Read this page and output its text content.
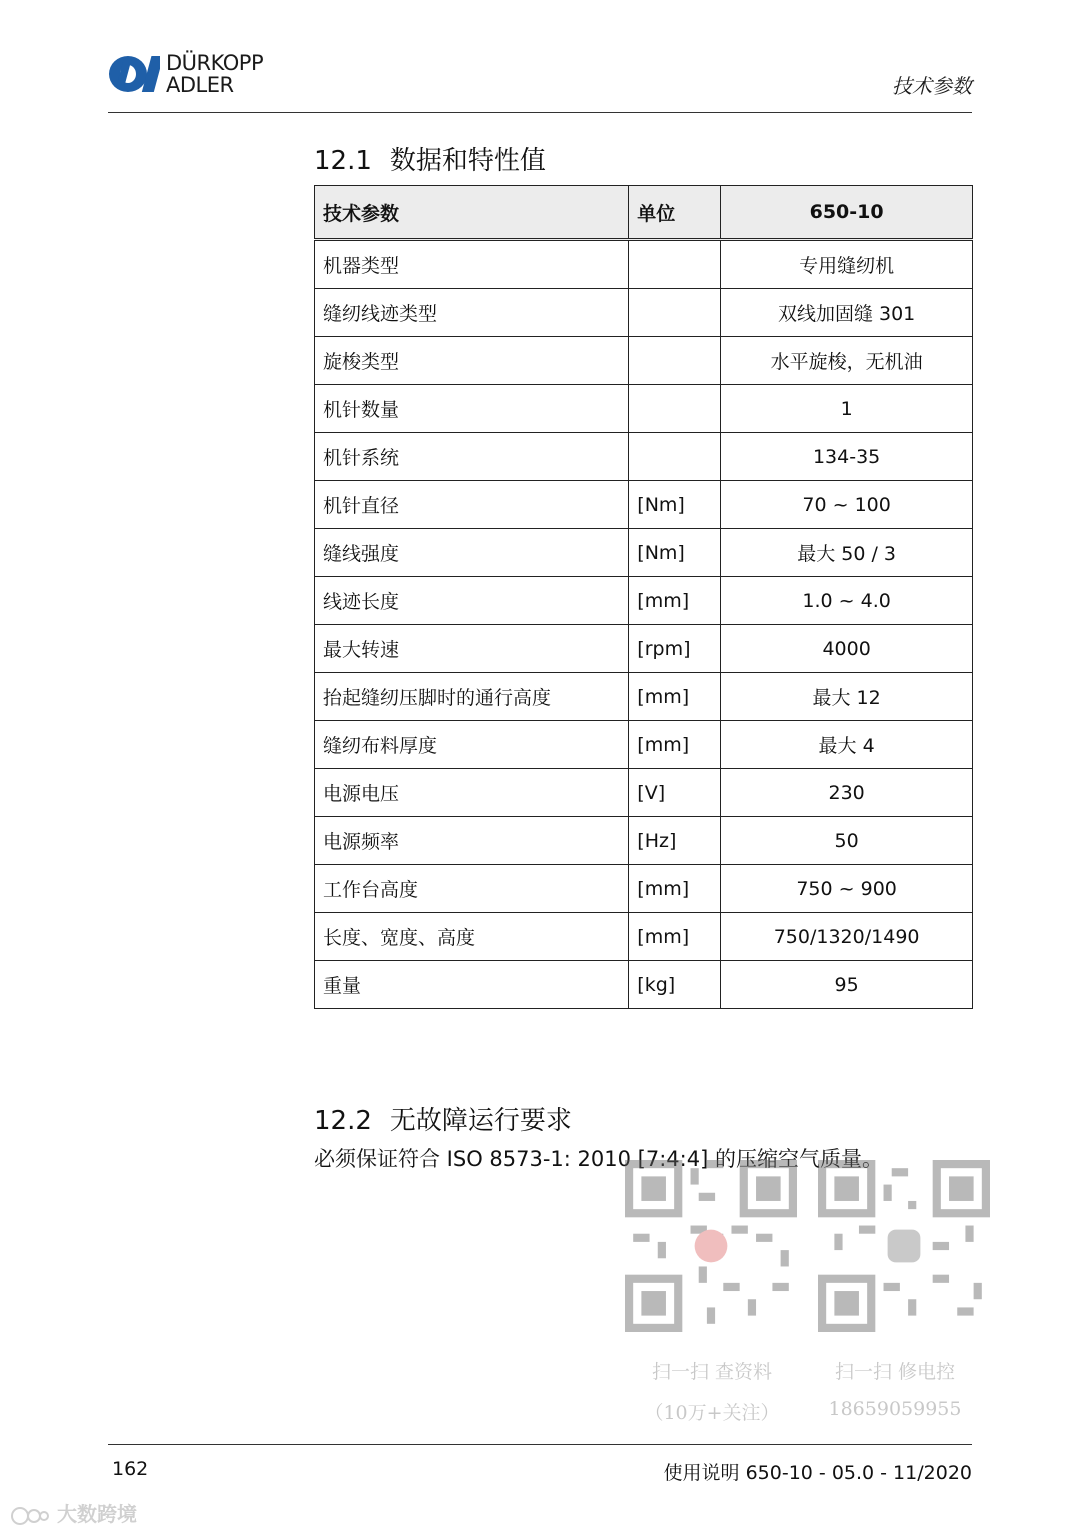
DÜRKOPP
ADLER	技术参数
12.1 数据和特性值
技术参数	单位	650-10
机器类型		专用缝纫机
缝纫线迹类型		双线加固缝 301
旋梭类型		水平旋梭，无机油
机针数量		1
机针系统		134-35
机针直径	[Nm]	70 ~ 100
缝线强度	[Nm]	最大 50 / 3
线迹长度	[mm]	1.0 ~ 4.0
最大转速	[rpm]	4000
抬起缝纫压脚时的通行高度	[mm]	最大 12
缝纫布料厚度	[mm]	最大 4
电源电压	[V]	230
电源频率	[Hz]	50
工作台高度	[mm]	750 ~ 900
长度、宽度、高度	[mm]	750/1320/1490
重量	[kg]	95
12.2 无故障运行要求
必须保证符合 ISO 8573-1: 2010 [7:4:4] 的压缩空气质量。
扫一扫 查资料
（10万+关注）
扫一扫 修电控
18659059955
162	使用说明 650-10 - 05.0 - 11/2020
大数跨境
